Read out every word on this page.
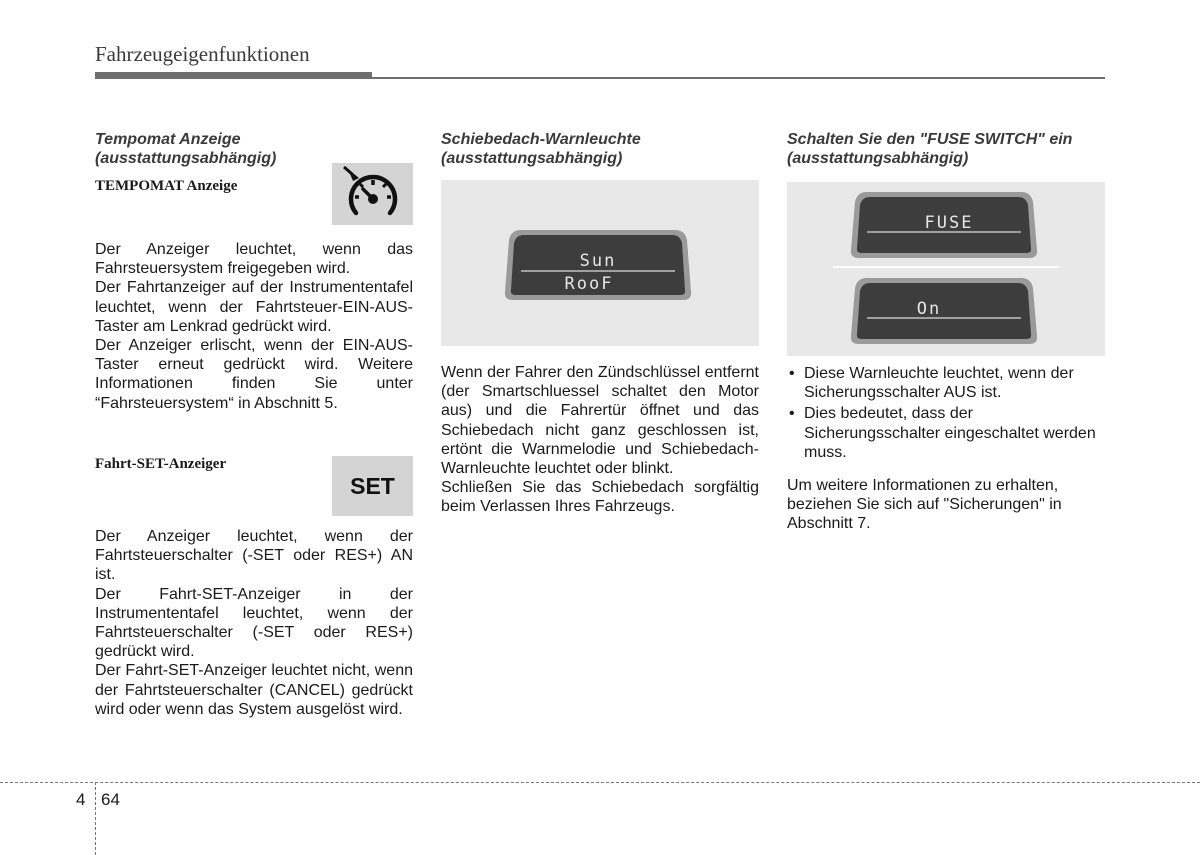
Fahrzeugeigenfunktionen
Tempomat Anzeige
(ausstattungsabhängig)
TEMPOMAT Anzeige

Der Anzeiger leuchtet, wenn das Fahrsteuersystem freigegeben wird.

Der Fahrtanzeiger auf der Instrumententafel leuchtet, wenn der Fahrtsteuer-EIN-AUS-Taster am Lenkrad gedrückt wird.

Der Anzeiger erlischt, wenn der EIN-AUS-Taster erneut gedrückt wird. Weitere Informationen finden Sie unter “Fahrsteuersystem“ in Abschnitt 5.

Fahrt-SET-Anzeiger
SET

Der Anzeiger leuchtet, wenn der Fahrtsteuerschalter (-SET oder RES+) AN ist.

Der Fahrt-SET-Anzeiger in der Instrumententafel leuchtet, wenn der Fahrtsteuerschalter (-SET oder RES+) gedrückt wird.

Der Fahrt-SET-Anzeiger leuchtet nicht, wenn der Fahrtsteuerschalter (CANCEL) gedrückt wird oder wenn das System ausgelöst wird.

Schiebedach-Warnleuchte
(ausstattungsabhängig)
Sun
RooF

Wenn der Fahrer den Zündschlüssel entfernt (der Smartschluessel schaltet den Motor aus) und die Fahrertür öffnet und das Schiebedach nicht ganz geschlossen ist, ertönt die Warnmelodie und Schiebedach-Warnleuchte leuchtet oder blinkt.

Schließen Sie das Schiebedach sorgfältig beim Verlassen Ihres Fahrzeugs.

Schalten Sie den "FUSE SWITCH" ein
(ausstattungsabhängig)
FUSE
On
• Diese Warnleuchte leuchtet, wenn der Sicherungsschalter AUS ist.
• Dies bedeutet, dass der Sicherungsschalter eingeschaltet werden muss.

Um weitere Informationen zu erhalten, beziehen Sie sich auf "Sicherungen" in Abschnitt 7.

4 64
